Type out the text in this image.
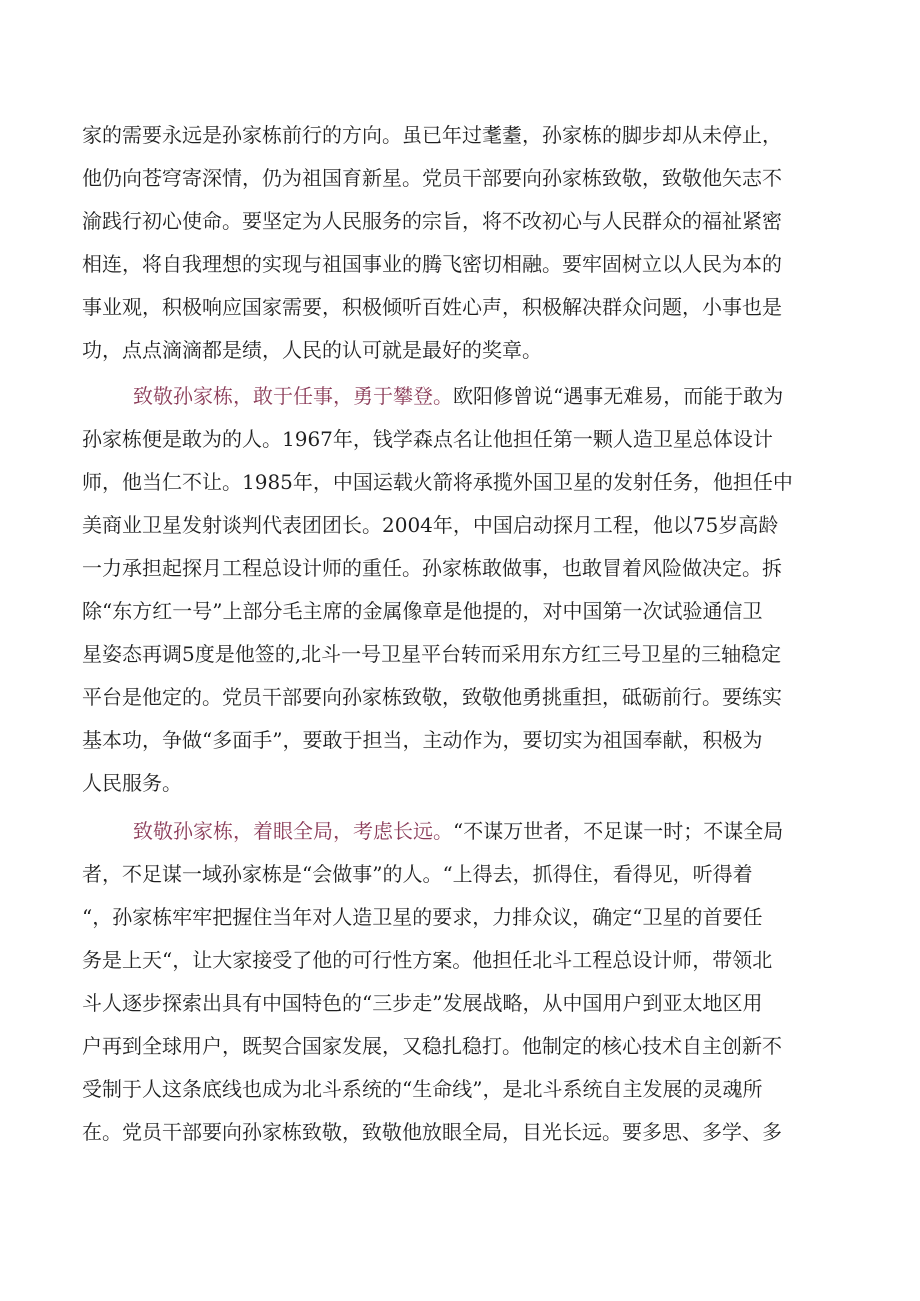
家的需要永远是孙家栋前行的方向。虽已年过耄耋，孙家栋的脚步却从未停止，
他仍向苍穹寄深情，仍为祖国育新星。党员干部要向孙家栋致敬，致敬他矢志不
渝践行初心使命。要坚定为人民服务的宗旨，将不改初心与人民群众的福祉紧密
相连，将自我理想的实现与祖国事业的腾飞密切相融。要牢固树立以人民为本的
事业观，积极响应国家需要，积极倾听百姓心声，积极解决群众问题，小事也是
功，点点滴滴都是绩，人民的认可就是最好的奖章。
致敬孙家栋，敢于任事，勇于攀登。欧阳修曾说“遇事无难易，而能于敢为
孙家栋便是敢为的人。1967年，钱学森点名让他担任第一颗人造卫星总体设计
师，他当仁不让。1985年，中国运载火箭将承揽外国卫星的发射任务，他担任中
美商业卫星发射谈判代表团团长。2004年，中国启动探月工程，他以75岁高龄
一力承担起探月工程总设计师的重任。孙家栋敢做事，也敢冒着风险做决定。拆
除“东方红一号”上部分毛主席的金属像章是他提的，对中国第一次试验通信卫
星姿态再调5度是他签的,北斗一号卫星平台转而采用东方红三号卫星的三轴稳定
平台是他定的。党员干部要向孙家栋致敬，致敬他勇挑重担，砥砺前行。要练实
基本功，争做“多面手”，要敢于担当，主动作为，要切实为祖国奉献，积极为
人民服务。
致敬孙家栋，着眼全局，考虑长远。“不谋万世者，不足谋一时；不谋全局
者，不足谋一域孙家栋是“会做事”的人。“上得去，抓得住，看得见，听得着
“，孙家栋牢牢把握住当年对人造卫星的要求，力排众议，确定“卫星的首要任
务是上天“，让大家接受了他的可行性方案。他担任北斗工程总设计师，带领北
斗人逐步探索出具有中国特色的“三步走”发展战略，从中国用户到亚太地区用
户再到全球用户，既契合国家发展，又稳扎稳打。他制定的核心技术自主创新不
受制于人这条底线也成为北斗系统的“生命线”，是北斗系统自主发展的灵魂所
在。党员干部要向孙家栋致敬，致敬他放眼全局，目光长远。要多思、多学、多
